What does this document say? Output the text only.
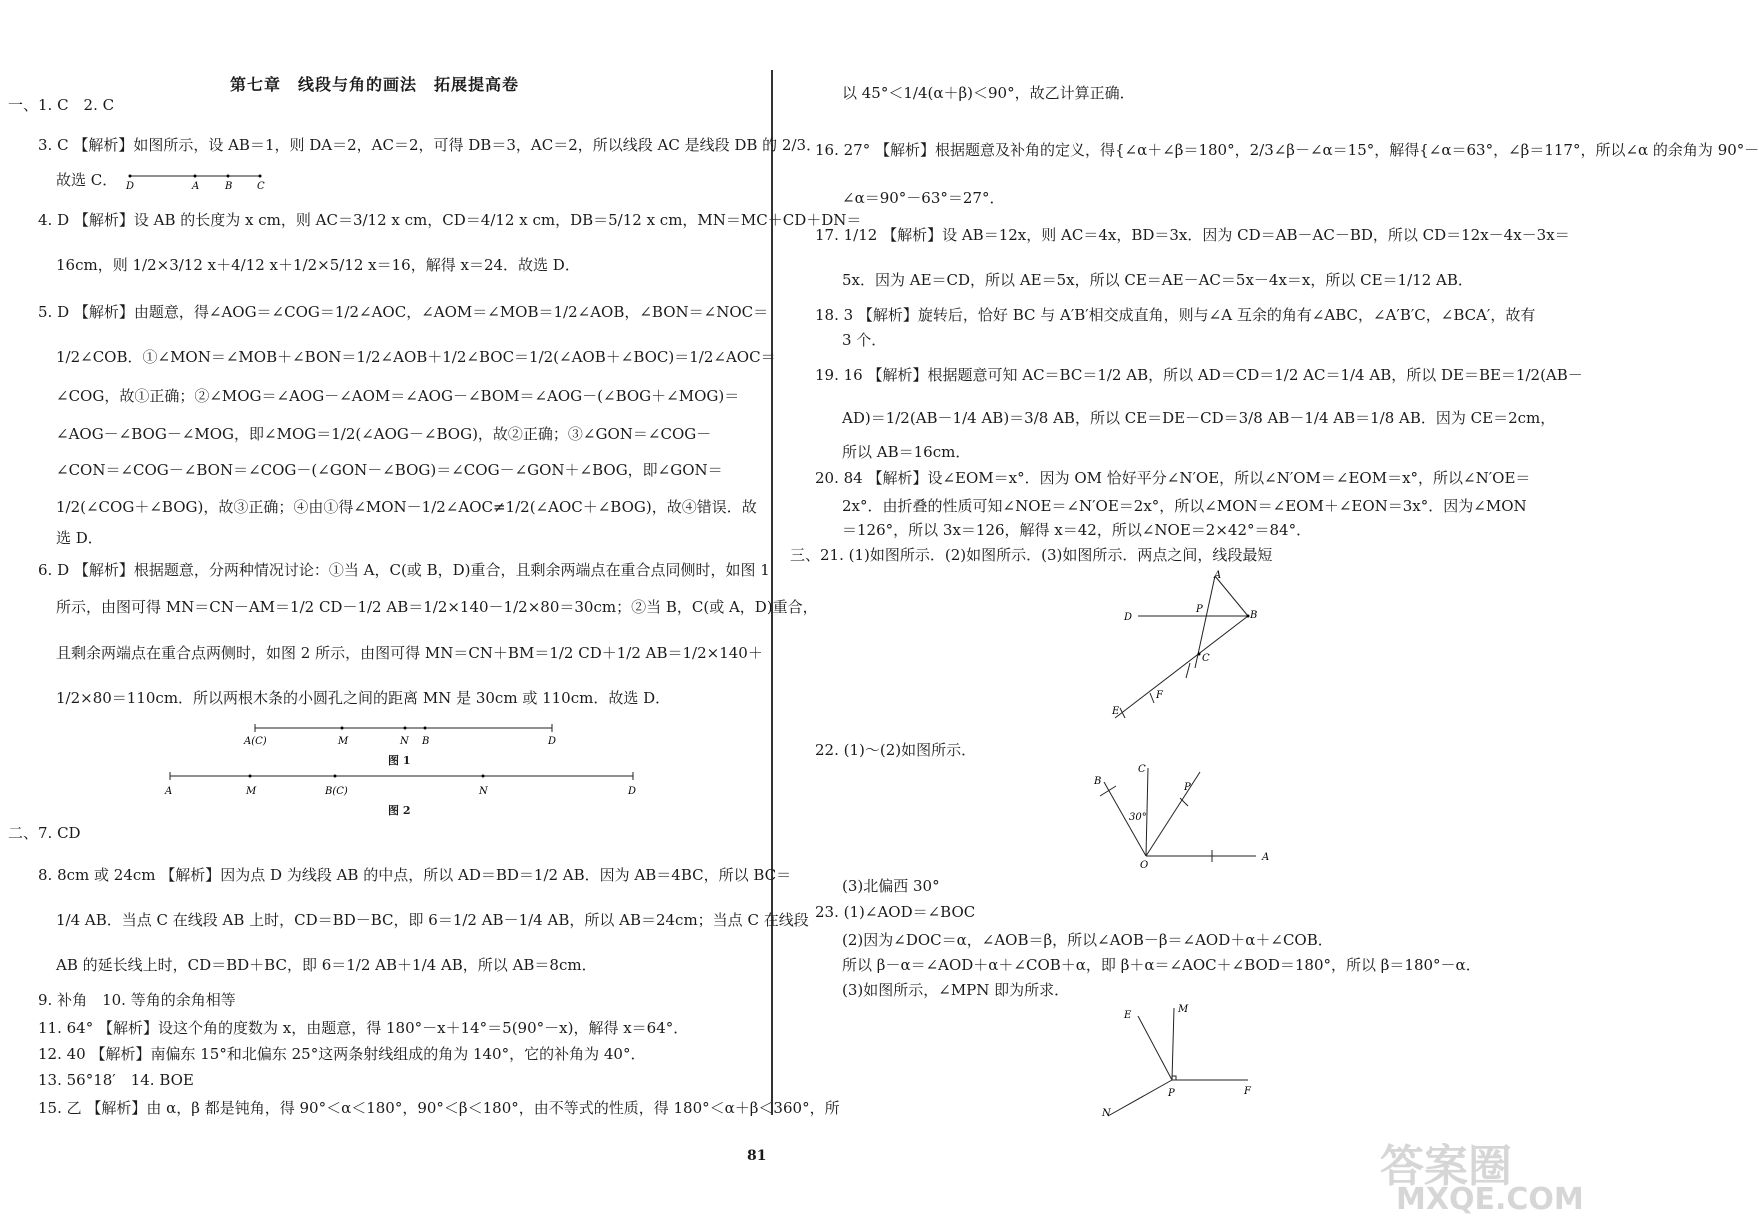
第七章　线段与角的画法　拓展提高卷
一、1. C　2. C
3. C 【解析】如图所示，设 AB＝1，则 DA＝2，AC＝2，可得 DB＝3，AC＝2，所以线段 AC 是线段 DB 的 2/3．
故选 C．
4. D 【解析】设 AB 的长度为 x cm，则 AC＝3/12 x cm，CD＝4/12 x cm，DB＝5/12 x cm，MN＝MC＋CD＋DN＝
16cm，则 1/2×3/12 x＋4/12 x＋1/2×5/12 x＝16，解得 x＝24．故选 D．
5. D 【解析】由题意，得∠AOG＝∠COG＝1/2∠AOC，∠AOM＝∠MOB＝1/2∠AOB，∠BON＝∠NOC＝
1/2∠COB．①∠MON＝∠MOB＋∠BON＝1/2∠AOB＋1/2∠BOC＝1/2(∠AOB＋∠BOC)＝1/2∠AOC＝
∠COG，故①正确；②∠MOG＝∠AOG－∠AOM＝∠AOG－∠BOM＝∠AOG－(∠BOG＋∠MOG)＝
∠AOG－∠BOG－∠MOG，即∠MOG＝1/2(∠AOG－∠BOG)，故②正确；③∠GON＝∠COG－
∠CON＝∠COG－∠BON＝∠COG－(∠GON－∠BOG)＝∠COG－∠GON＋∠BOG，即∠GON＝
1/2(∠COG＋∠BOG)，故③正确；④由①得∠MON－1/2∠AOC≠1/2(∠AOC＋∠BOG)，故④错误．故
选 D．
6. D 【解析】根据题意，分两种情况讨论：①当 A，C(或 B，D)重合，且剩余两端点在重合点同侧时，如图 1
所示，由图可得 MN＝CN－AM＝1/2 CD－1/2 AB＝1/2×140－1/2×80＝30cm；②当 B，C(或 A，D)重合，
且剩余两端点在重合点两侧时，如图 2 所示，由图可得 MN＝CN＋BM＝1/2 CD＋1/2 AB＝1/2×140＋
1/2×80＝110cm．所以两根木条的小圆孔之间的距离 MN 是 30cm 或 110cm．故选 D．
二、7. CD
8. 8cm 或 24cm 【解析】因为点 D 为线段 AB 的中点，所以 AD＝BD＝1/2 AB．因为 AB＝4BC，所以 BC＝
1/4 AB．当点 C 在线段 AB 上时，CD＝BD－BC，即 6＝1/2 AB－1/4 AB，所以 AB＝24cm；当点 C 在线段
AB 的延长线上时，CD＝BD＋BC，即 6＝1/2 AB＋1/4 AB，所以 AB＝8cm．
9. 补角　10. 等角的余角相等
11. 64° 【解析】设这个角的度数为 x，由题意，得 180°－x＋14°＝5(90°－x)，解得 x＝64°．
12. 40 【解析】南偏东 15°和北偏东 25°这两条射线组成的角为 140°，它的补角为 40°．
13. 56°18′　14. BOE
15. 乙 【解析】由 α，β 都是钝角，得 90°＜α＜180°，90°＜β＜180°，由不等式的性质，得 180°＜α＋β＜360°，所
D	A	B C
A(C)	M	N B	D
图 1
A	M	B(C)	N	D
图 2
以 45°＜1/4(α＋β)＜90°，故乙计算正确．
16. 27° 【解析】根据题意及补角的定义，得{∠α＋∠β＝180°，2/3∠β－∠α＝15°，解得{∠α＝63°，∠β＝117°，所以∠α 的余角为 90°－
∠α＝90°－63°＝27°．
17. 1/12 【解析】设 AB＝12x，则 AC＝4x，BD＝3x．因为 CD＝AB－AC－BD，所以 CD＝12x－4x－3x＝
5x．因为 AE＝CD，所以 AE＝5x，所以 CE＝AE－AC＝5x－4x＝x，所以 CE＝1/12 AB．
18. 3 【解析】旋转后，恰好 BC 与 A′B′相交成直角，则与∠A 互余的角有∠ABC，∠A′B′C，∠BCA′，故有
3 个．
19. 16 【解析】根据题意可知 AC＝BC＝1/2 AB，所以 AD＝CD＝1/2 AC＝1/4 AB，所以 DE＝BE＝1/2(AB－
AD)＝1/2(AB－1/4 AB)＝3/8 AB，所以 CE＝DE－CD＝3/8 AB－1/4 AB＝1/8 AB．因为 CE＝2cm，
所以 AB＝16cm．
20. 84 【解析】设∠EOM＝x°．因为 OM 恰好平分∠N′OE，所以∠N′OM＝∠EOM＝x°，所以∠N′OE＝
2x°．由折叠的性质可知∠NOE＝∠N′OE＝2x°，所以∠MON＝∠EOM＋∠EON＝3x°．因为∠MON
＝126°，所以 3x＝126，解得 x＝42，所以∠NOE＝2×42°＝84°．
三、21. (1)如图所示．(2)如图所示．(3)如图所示．两点之间，线段最短
22. (1)～(2)如图所示．
(3)北偏西 30°
23. (1)∠AOD＝∠BOC
(2)因为∠DOC＝α，∠AOB＝β，所以∠AOB－β＝∠AOD＋α＋∠COB．
所以 β－α＝∠AOD＋α＋∠COB＋α，即 β＋α＝∠AOC＋∠BOD＝180°，所以 β＝180°－α．
(3)如图所示，∠MPN 即为所求．
A
D
P
B
C
E
F
B
C
30°
P
O
A
E
M
P	F
N
81	答案圈
MXQE.COM
